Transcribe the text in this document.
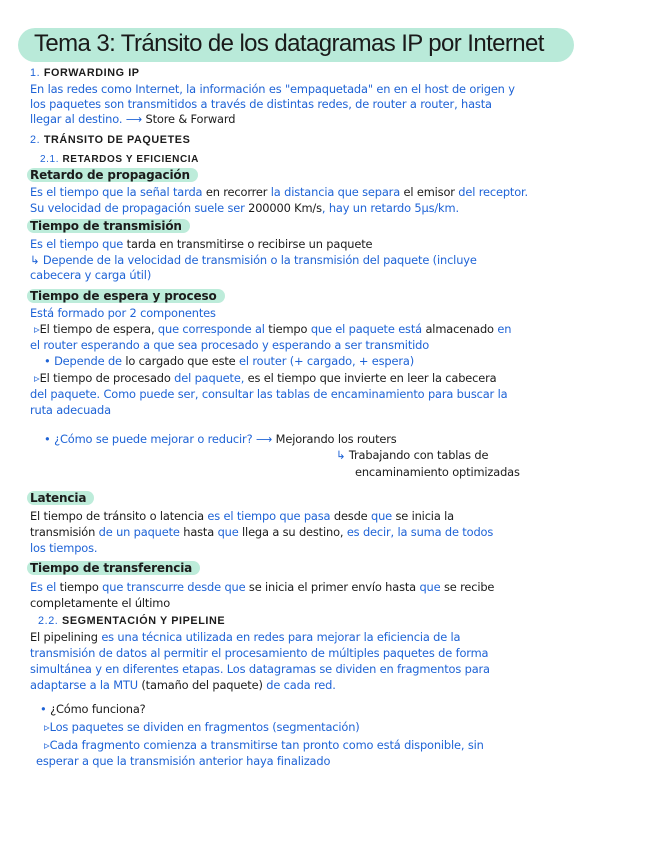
Tema 3: Tránsito de los datagramas IP por Internet
1. FORWARDING IP
En las redes como Internet, la información es "empaquetada" en en el host de origen y
los paquetes son transmitidos a través de distintas redes, de router a router, hasta
llegar al destino. ⟶ Store & Forward
2. TRÁNSITO DE PAQUETES
2.1. RETARDOS Y EFICIENCIA
Retardo de propagación
Es el tiempo que la señal tarda en recorrer la distancia que separa el emisor del receptor.
Su velocidad de propagación suele ser 200000 Km/s, hay un retardo 5μs/km.
Tiempo de transmisión
Es el tiempo que tarda en transmitirse o recibirse un paquete
↳ Depende de la velocidad de transmisión o la transmisión del paquete (incluye
cabecera y carga útil)
Tiempo de espera y proceso
Está formado por 2 componentes
▹El tiempo de espera, que corresponde al tiempo que el paquete está almacenado en
el router esperando a que sea procesado y esperando a ser transmitido
• Depende de lo cargado que este el router (+ cargado, + espera)
▹El tiempo de procesado del paquete, es el tiempo que invierte en leer la cabecera
del paquete. Como puede ser, consultar las tablas de encaminamiento para buscar la
ruta adecuada
• ¿Cómo se puede mejorar o reducir? ⟶ Mejorando los routers
↳ Trabajando con tablas de
encaminamiento optimizadas
Latencia
El tiempo de tránsito o latencia es el tiempo que pasa desde que se inicia la
transmisión de un paquete hasta que llega a su destino, es decir, la suma de todos
los tiempos.
Tiempo de transferencia
Es el tiempo que transcurre desde que se inicia el primer envío hasta que se recibe
completamente el último
2.2. SEGMENTACIÓN Y PIPELINE
El pipelining es una técnica utilizada en redes para mejorar la eficiencia de la
transmisión de datos al permitir el procesamiento de múltiples paquetes de forma
simultánea y en diferentes etapas. Los datagramas se dividen en fragmentos para
adaptarse a la MTU (tamaño del paquete) de cada red.
• ¿Cómo funciona?
▹Los paquetes se dividen en fragmentos (segmentación)
▹Cada fragmento comienza a transmitirse tan pronto como está disponible, sin
esperar a que la transmisión anterior haya finalizado
